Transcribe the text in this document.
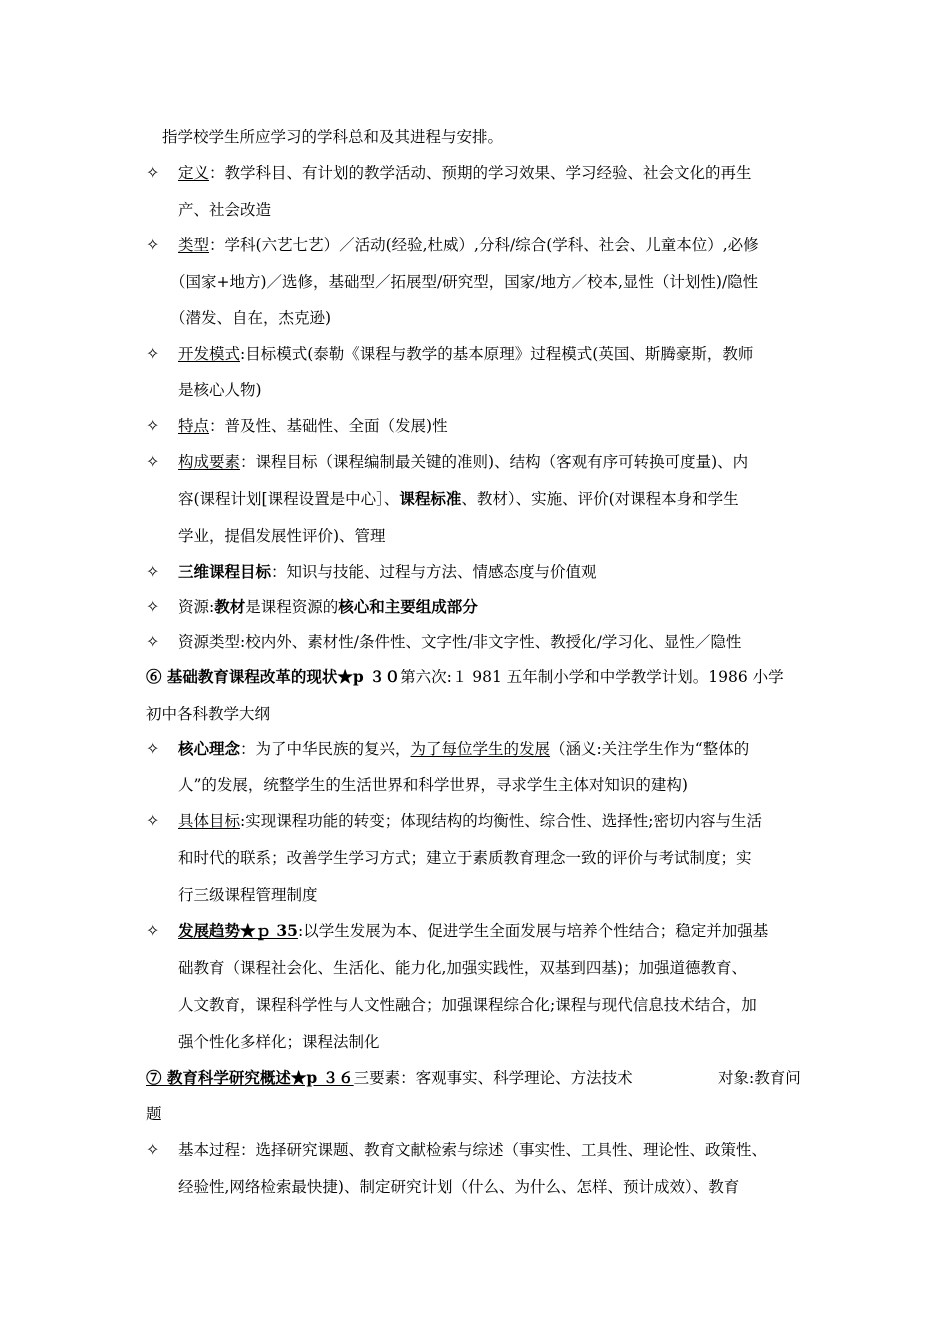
指学校学生所应学习的学科总和及其进程与安排。
✧ 定义：教学科目、有计划的教学活动、预期的学习效果、学习经验、社会文化的再生
产、社会改造
✧ 类型：学科(六艺七艺）／活动(经验,杜威）,分科/综合(学科、社会、儿童本位）,必修
（国家+地方)／选修，基础型／拓展型/研究型，国家/地方／校本,显性（计划性)/隐性
（潜发、自在，杰克逊)
✧ 开发模式:目标模式(泰勒《课程与教学的基本原理》过程模式(英国、斯腾豪斯，教师
是核心人物)
✧ 特点：普及性、基础性、全面（发展)性
✧ 构成要素：课程目标（课程编制最关键的准则)、结构（客观有序可转换可度量)、内
容(课程计划[课程设置是中心］、课程标准、教材）、实施、评价(对课程本身和学生
学业，提倡发展性评价)、管理
✧ 三维课程目标：知识与技能、过程与方法、情感态度与价值观
✧ 资源:教材是课程资源的核心和主要组成部分
✧ 资源类型:校内外、素材性/条件性、文字性/非文字性、教授化/学习化、显性／隐性
⑥ 基础教育课程改革的现状★p ３０第六次:１ 981 五年制小学和中学教学计划。1986 小学
初中各科教学大纲
✧ 核心理念：为了中华民族的复兴，为了每位学生的发展（涵义:关注学生作为“整体的
人”的发展，统整学生的生活世界和科学世界，寻求学生主体对知识的建构)
✧ 具体目标:实现课程功能的转变；体现结构的均衡性、综合性、选择性;密切内容与生活
和时代的联系；改善学生学习方式；建立于素质教育理念一致的评价与考试制度；实
行三级课程管理制度
✧ 发展趋势★ｐ 35:以学生发展为本、促进学生全面发展与培养个性结合；稳定并加强基
础教育（课程社会化、生活化、能力化,加强实践性，双基到四基)；加强道德教育、
人文教育，课程科学性与人文性融合；加强课程综合化;课程与现代信息技术结合，加
强个性化多样化；课程法制化
⑦ 教育科学研究概述★p ３６三要素：客观事实、科学理论、方法技术	对象:教育问
题
✧ 基本过程：选择研究课题、教育文献检索与综述（事实性、工具性、理论性、政策性、
经验性,网络检索最快捷)、制定研究计划（什么、为什么、怎样、预计成效）、教育
